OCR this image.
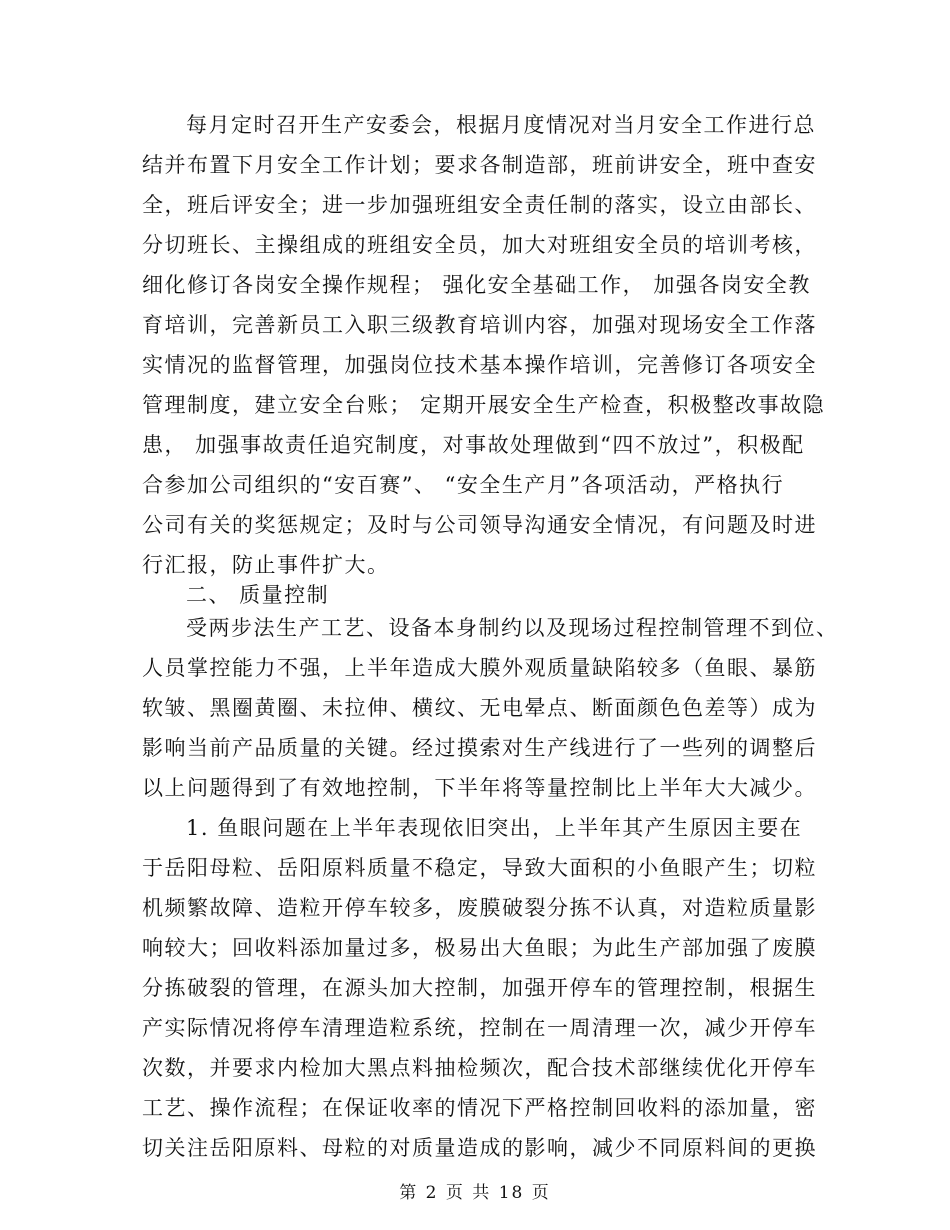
每月定时召开生产安委会，根据月度情况对当月安全工作进行总
结并布置下月安全工作计划；要求各制造部，班前讲安全，班中查安
全，班后评安全；进一步加强班组安全责任制的落实，设立由部长、
分切班长、主操组成的班组安全员，加大对班组安全员的培训考核，
细化修订各岗安全操作规程； 强化安全基础工作， 加强各岗安全教
育培训，完善新员工入职三级教育培训内容，加强对现场安全工作落
实情况的监督管理，加强岗位技术基本操作培训，完善修订各项安全
管理制度，建立安全台账； 定期开展安全生产检查，积极整改事故隐
患， 加强事故责任追究制度，对事故处理做到“四不放过”，积极配
合参加公司组织的“安百赛”、 “安全生产月”各项活动，严格执行
公司有关的奖惩规定；及时与公司领导沟通安全情况，有问题及时进
行汇报，防止事件扩大。
二、 质量控制
受两步法生产工艺、设备本身制约以及现场过程控制管理不到位、
人员掌控能力不强，上半年造成大膜外观质量缺陷较多（鱼眼、暴筋
软皱、黑圈黄圈、未拉伸、横纹、无电晕点、断面颜色色差等）成为
影响当前产品质量的关键。经过摸索对生产线进行了一些列的调整后
以上问题得到了有效地控制，下半年将等量控制比上半年大大减少。
1. 鱼眼问题在上半年表现依旧突出，上半年其产生原因主要在
于岳阳母粒、岳阳原料质量不稳定，导致大面积的小鱼眼产生；切粒
机频繁故障、造粒开停车较多，废膜破裂分拣不认真，对造粒质量影
响较大；回收料添加量过多，极易出大鱼眼；为此生产部加强了废膜
分拣破裂的管理，在源头加大控制，加强开停车的管理控制，根据生
产实际情况将停车清理造粒系统，控制在一周清理一次，减少开停车
次数，并要求内检加大黑点料抽检频次，配合技术部继续优化开停车
工艺、操作流程；在保证收率的情况下严格控制回收料的添加量，密
第 2 页 共 18 页
切关注岳阳原料、母粒的对质量造成的影响，减少不同原料间的更换
